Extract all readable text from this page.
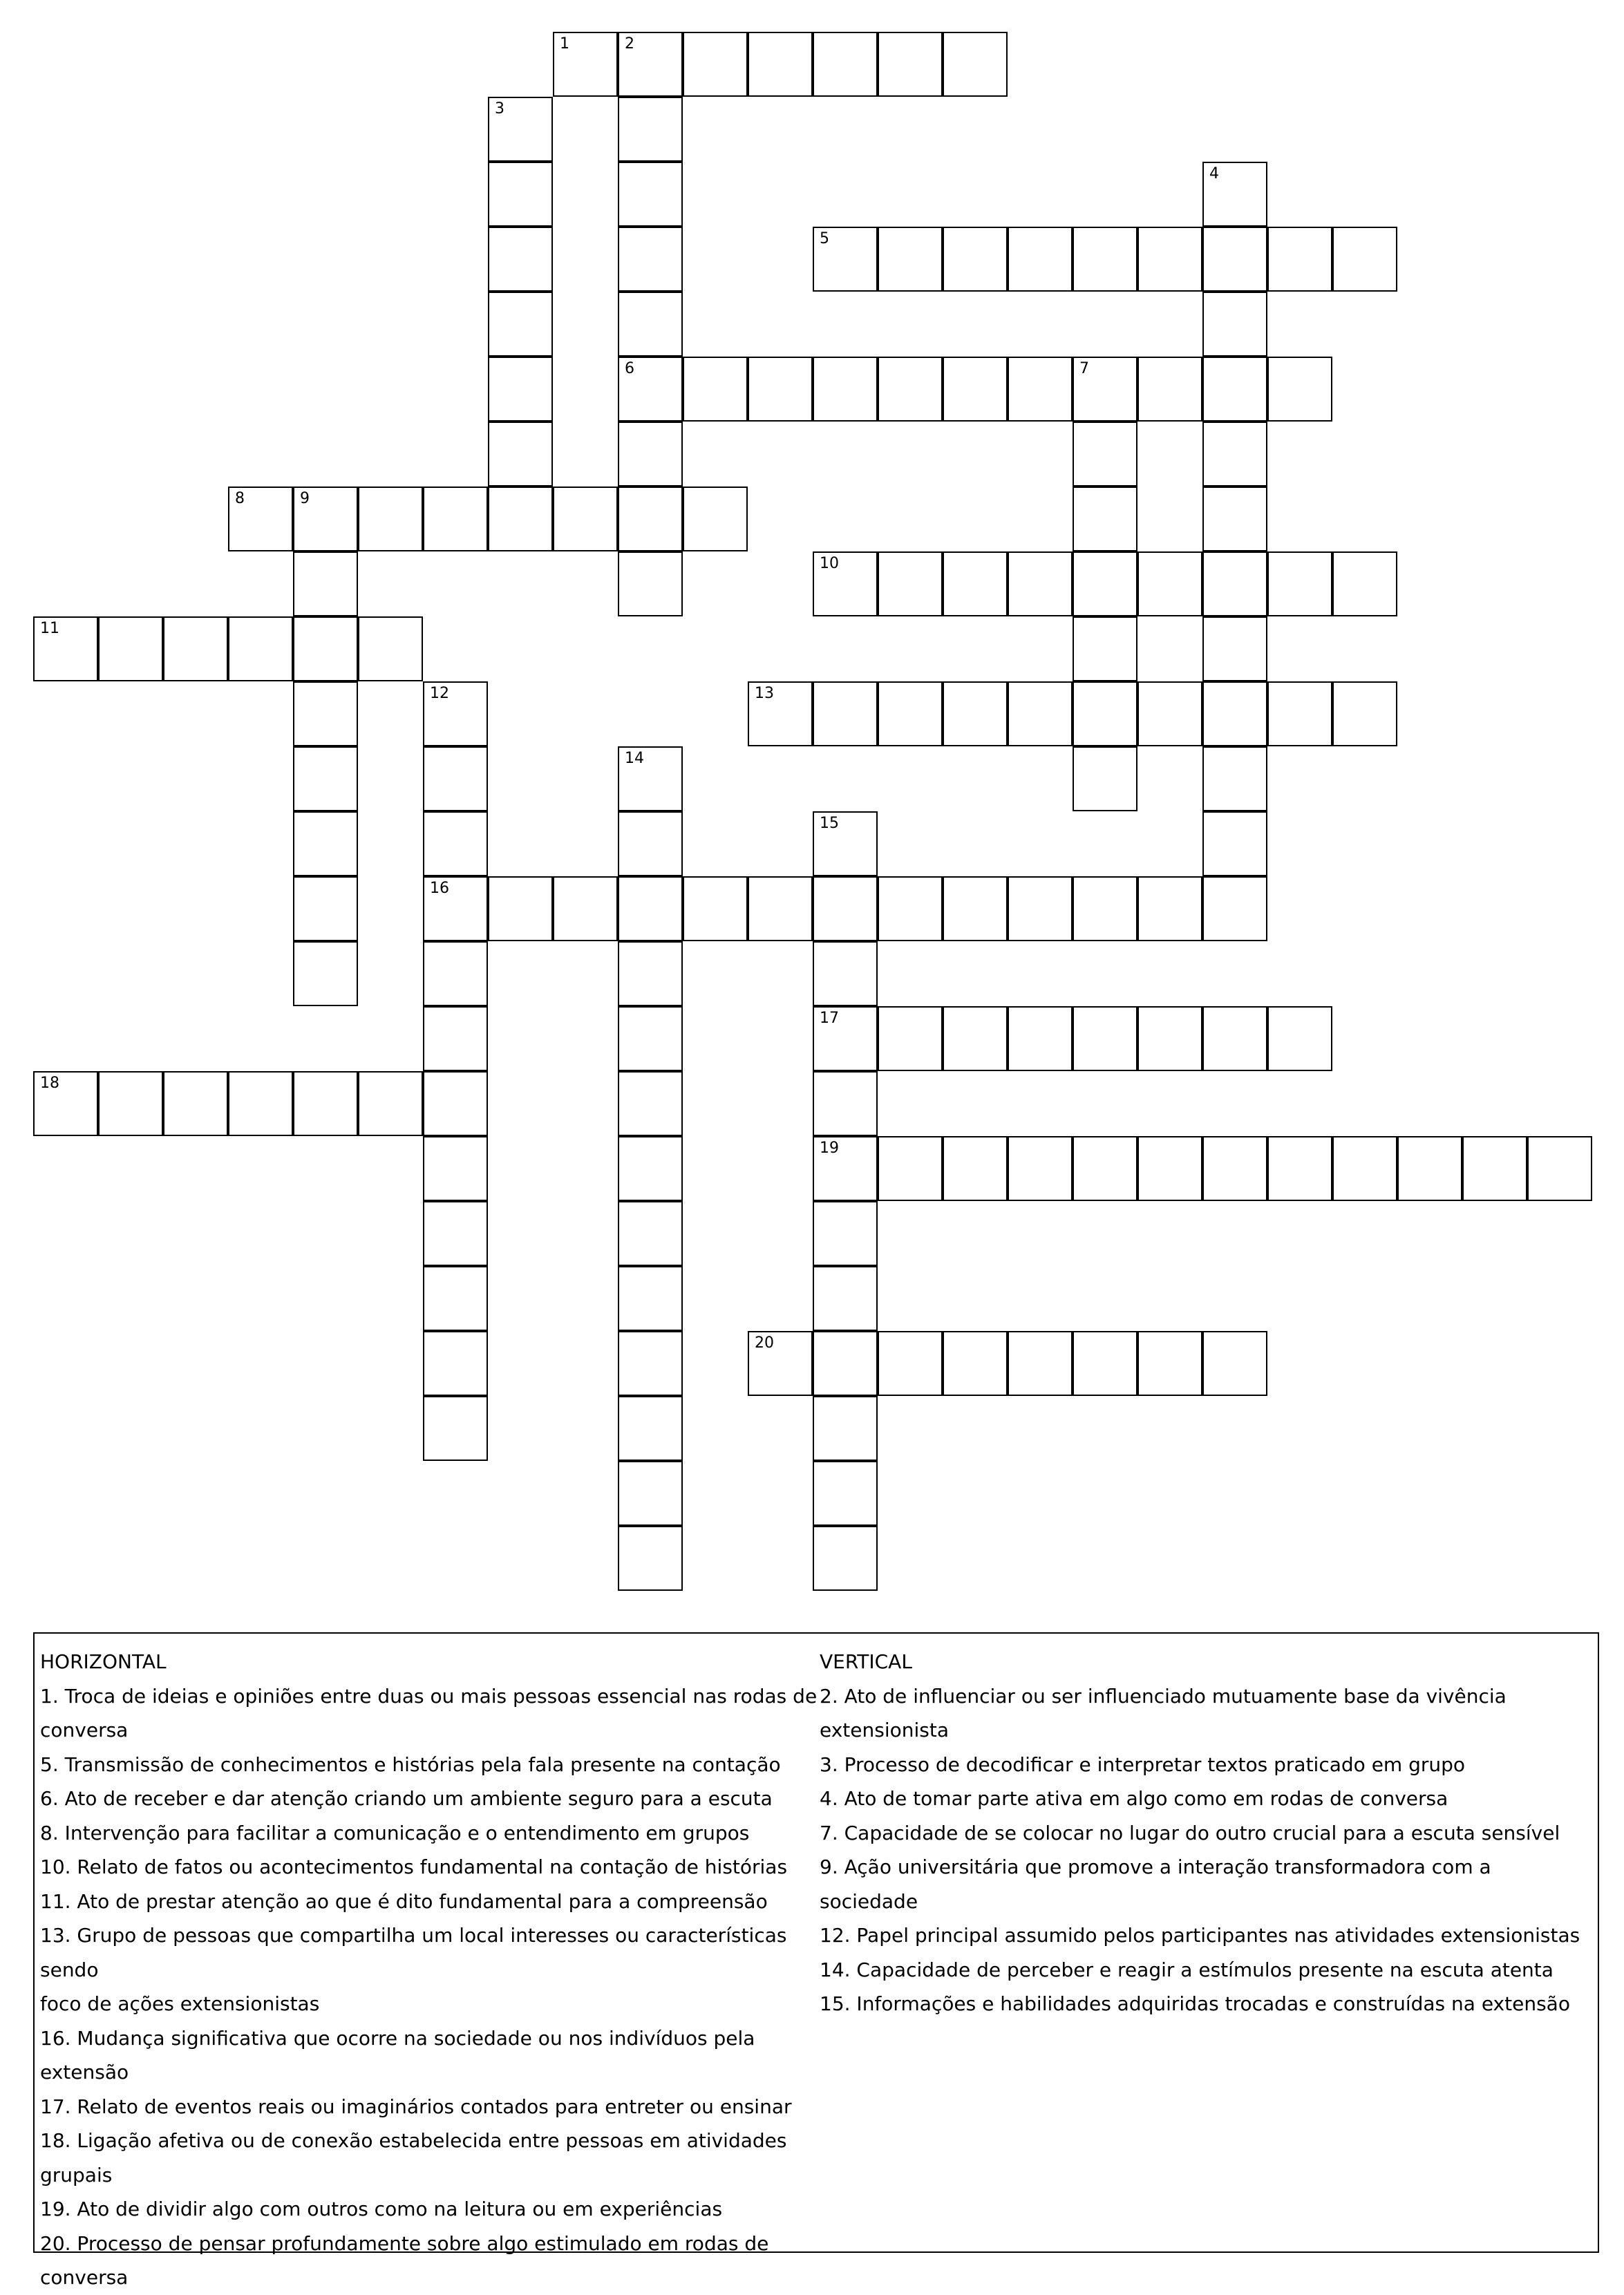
1	2
6
3
4
5
7
8	9
10
11
12
16
13
14
15
17
19
18
20
HORIZONTAL
1. Troca de ideias e opiniões entre duas ou mais pessoas essencial nas rodas de
conversa
5. Transmissão de conhecimentos e histórias pela fala presente na contação
6. Ato de receber e dar atenção criando um ambiente seguro para a escuta
8. Intervenção para facilitar a comunicação e o entendimento em grupos
10. Relato de fatos ou acontecimentos fundamental na contação de histórias
11. Ato de prestar atenção ao que é dito fundamental para a compreensão
13. Grupo de pessoas que compartilha um local interesses ou características sendo
foco de ações extensionistas
16. Mudança significativa que ocorre na sociedade ou nos indivíduos pela extensão
17. Relato de eventos reais ou imaginários contados para entreter ou ensinar
18. Ligação afetiva ou de conexão estabelecida entre pessoas em atividades
grupais
19. Ato de dividir algo com outros como na leitura ou em experiências
20. Processo de pensar profundamente sobre algo estimulado em rodas de
conversa
VERTICAL
2. Ato de influenciar ou ser influenciado mutuamente base da vivência
extensionista
3. Processo de decodificar e interpretar textos praticado em grupo
4. Ato de tomar parte ativa em algo como em rodas de conversa
7. Capacidade de se colocar no lugar do outro crucial para a escuta sensível
9. Ação universitária que promove a interação transformadora com a sociedade
12. Papel principal assumido pelos participantes nas atividades extensionistas
14. Capacidade de perceber e reagir a estímulos presente na escuta atenta
15. Informações e habilidades adquiridas trocadas e construídas na extensão
